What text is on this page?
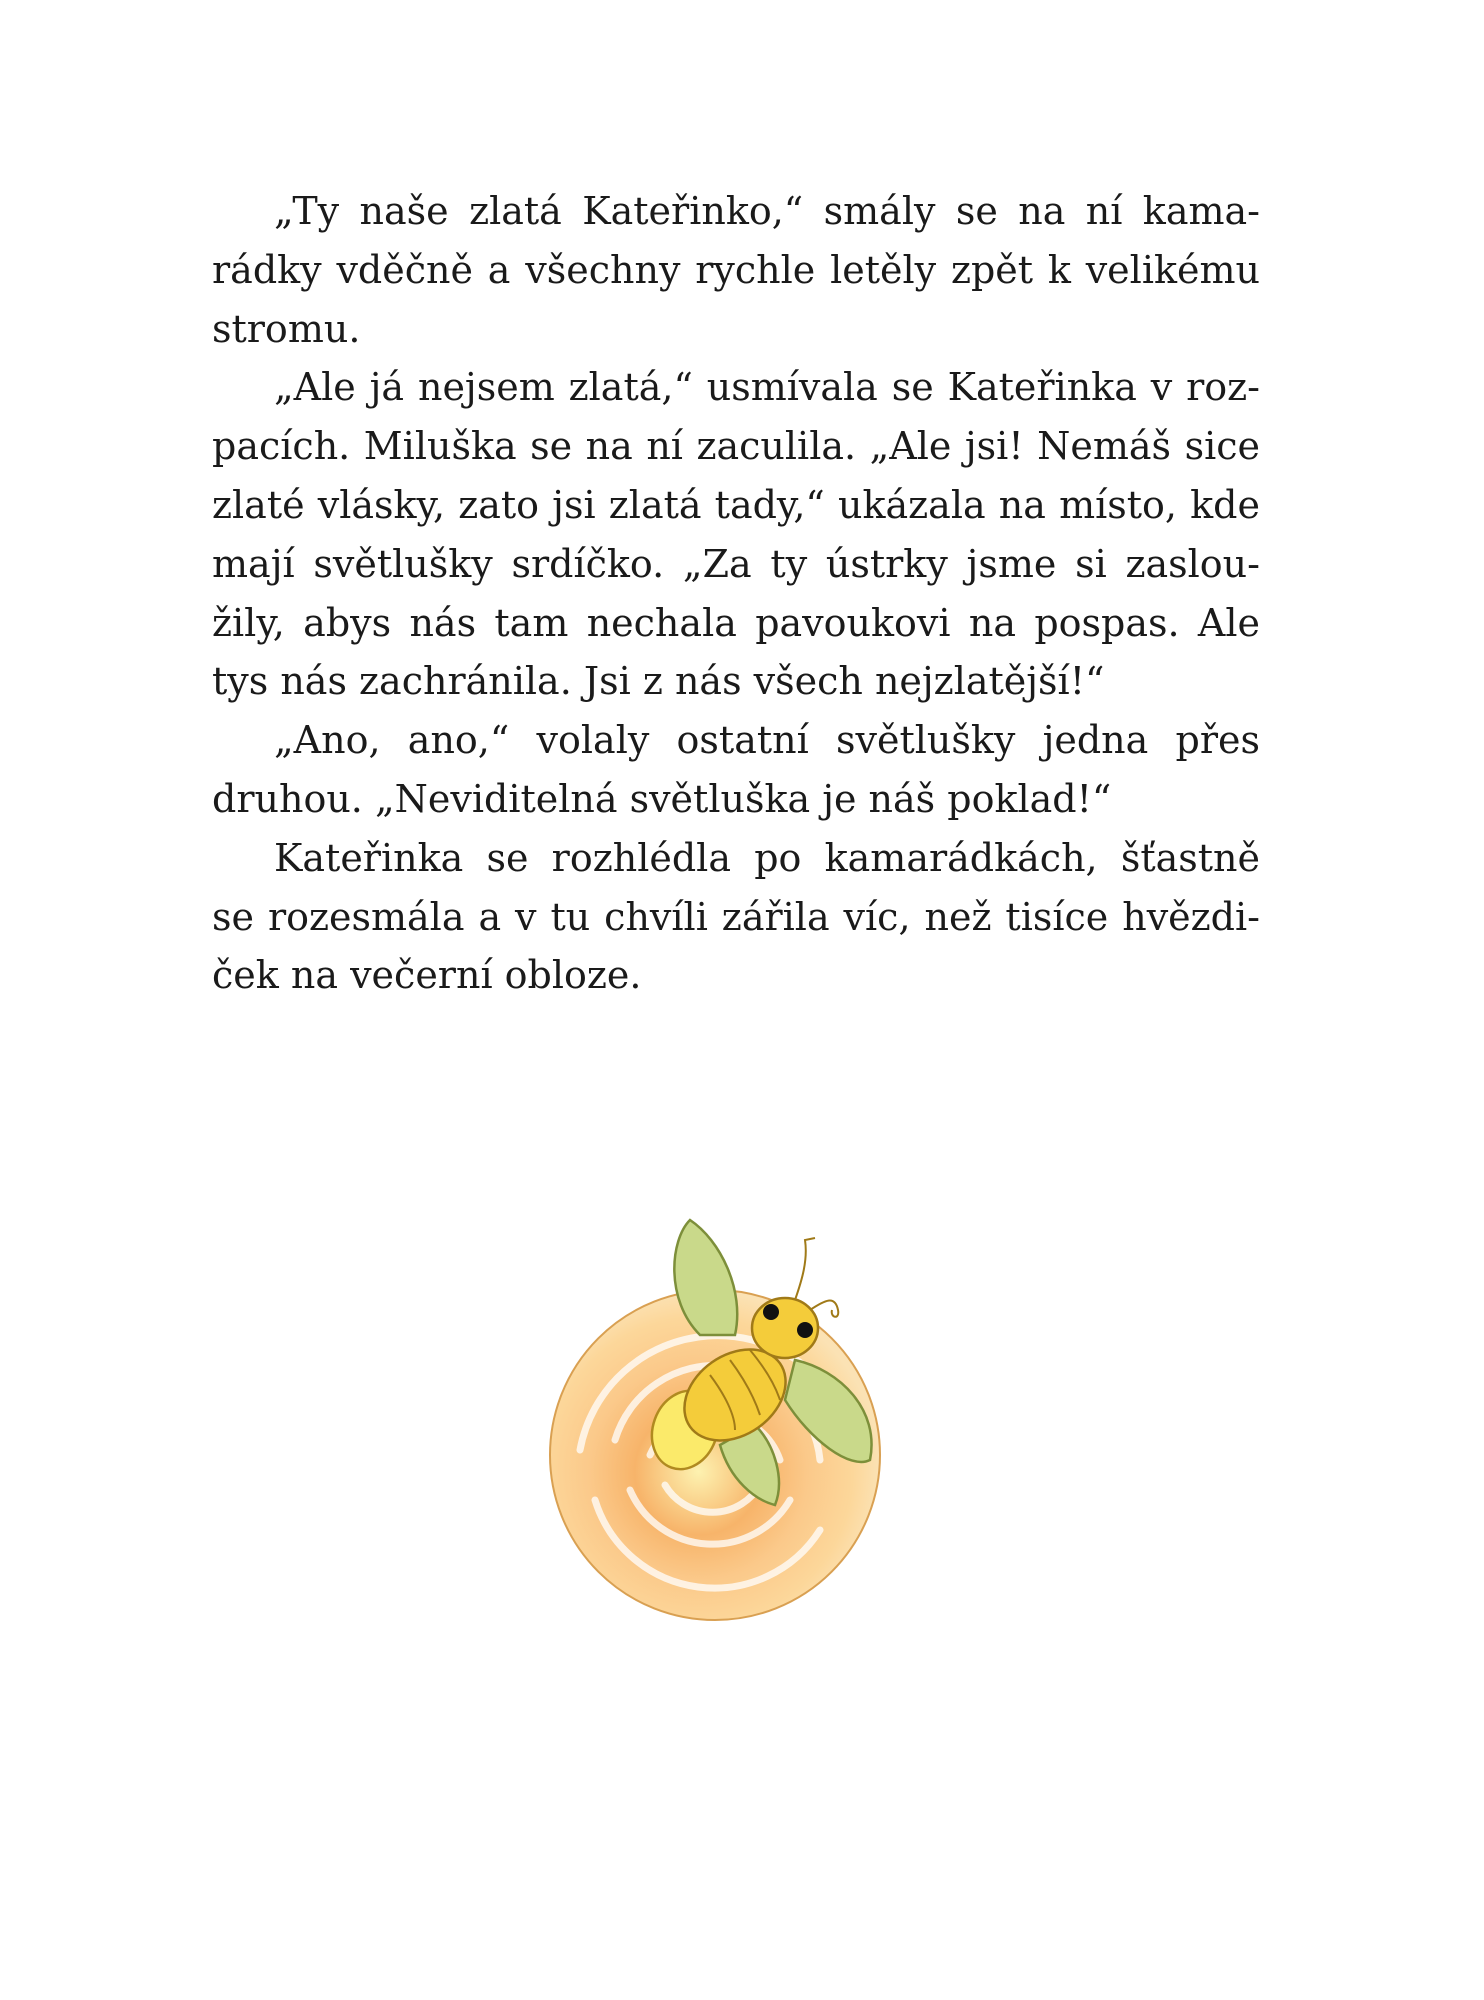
„Ty naše zlatá Kateřinko,“ smály se na ní kama-
rádky vděčně a všechny rychle letěly zpět k velikému
stromu.
„Ale já nejsem zlatá,“ usmívala se Kateřinka v roz-
pacích. Miluška se na ní zaculila. „Ale jsi! Nemáš sice
zlaté vlásky, zato jsi zlatá tady,“ ukázala na místo, kde
mají světlušky srdíčko. „Za ty ústrky jsme si zaslou-
žily, abys nás tam nechala pavoukovi na pospas. Ale
tys nás zachránila. Jsi z nás všech nejzlatější!“
„Ano, ano,“ volaly ostatní světlušky jedna přes
druhou. „Neviditelná světluška je náš poklad!“
Kateřinka se rozhlédla po kamarádkách, šťastně
se rozesmála a v tu chvíli zářila víc, než tisíce hvězdi-
ček na večerní obloze.
